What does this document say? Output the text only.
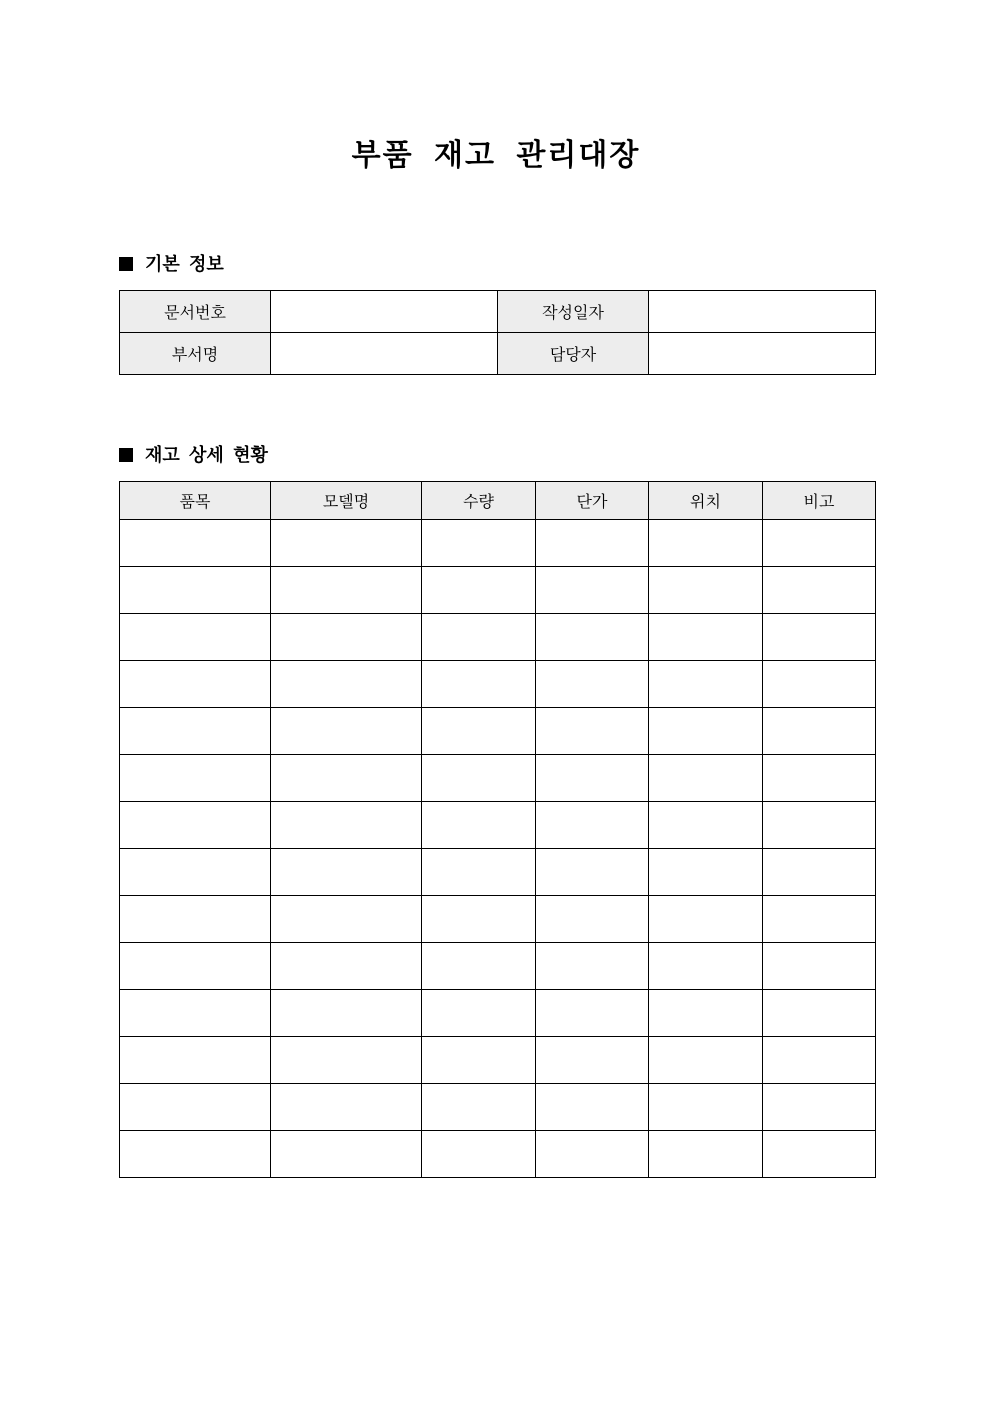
부품 재고 관리대장
기본 정보
문서번호		작성일자	
부서명		담당자	
재고 상세 현황
품목	모델명	수량	단가	위치	비고
